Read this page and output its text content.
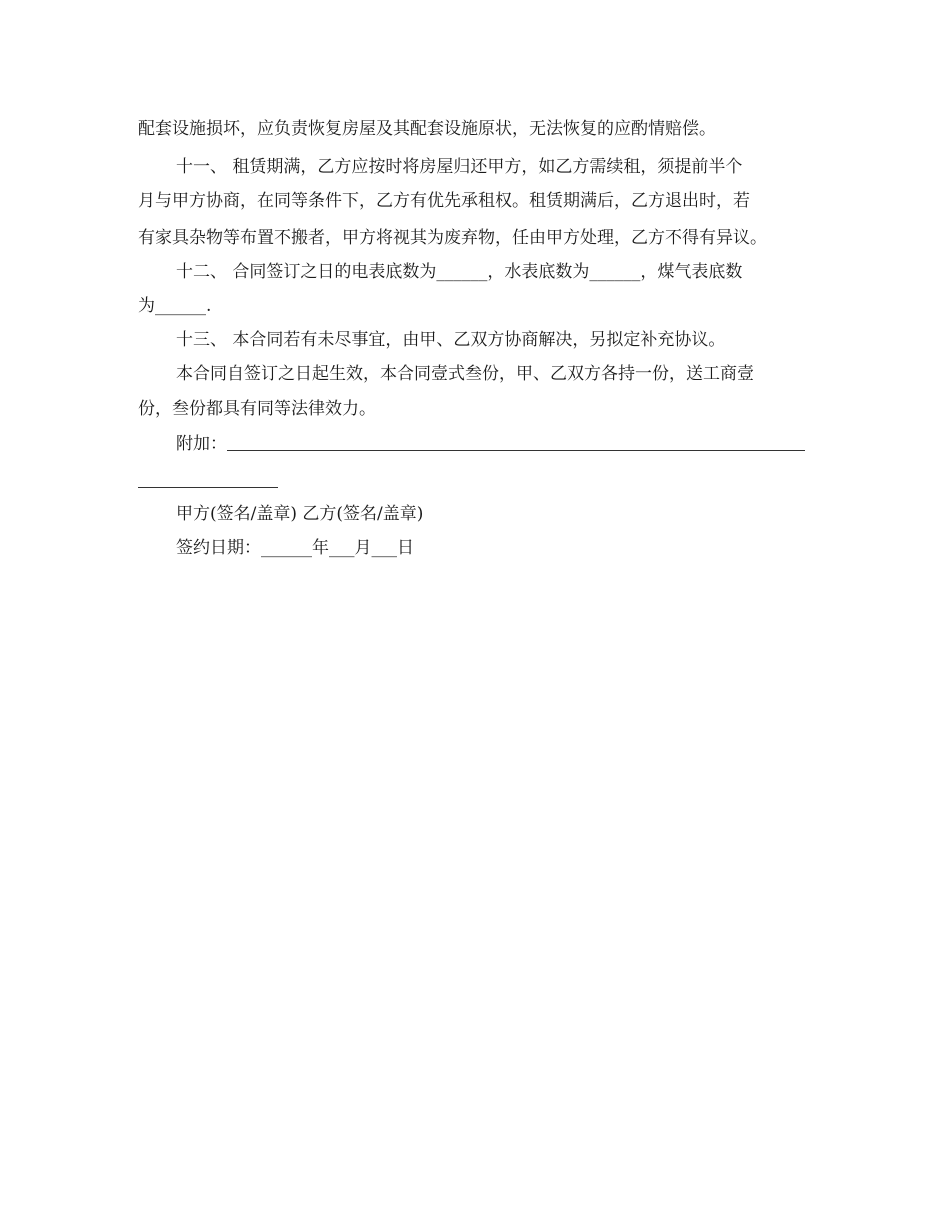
配套设施损坏，应负责恢复房屋及其配套设施原状，无法恢复的应酌情赔偿。
十一、 租赁期满，乙方应按时将房屋归还甲方，如乙方需续租，须提前半个
月与甲方协商，在同等条件下，乙方有优先承租权。租赁期满后，乙方退出时，若
有家具杂物等布置不搬者，甲方将视其为废弃物，任由甲方处理，乙方不得有异议。
十二、 合同签订之日的电表底数为______，水表底数为______，煤气表底数
为______.
十三、 本合同若有未尽事宜，由甲、乙双方协商解决，另拟定补充协议。
本合同自签订之日起生效，本合同壹式叁份，甲、乙双方各持一份，送工商壹
份，叁份都具有同等法律效力。
附加：
甲方(签名/盖章) 乙方(签名/盖章)
签约日期：______年___月___日
